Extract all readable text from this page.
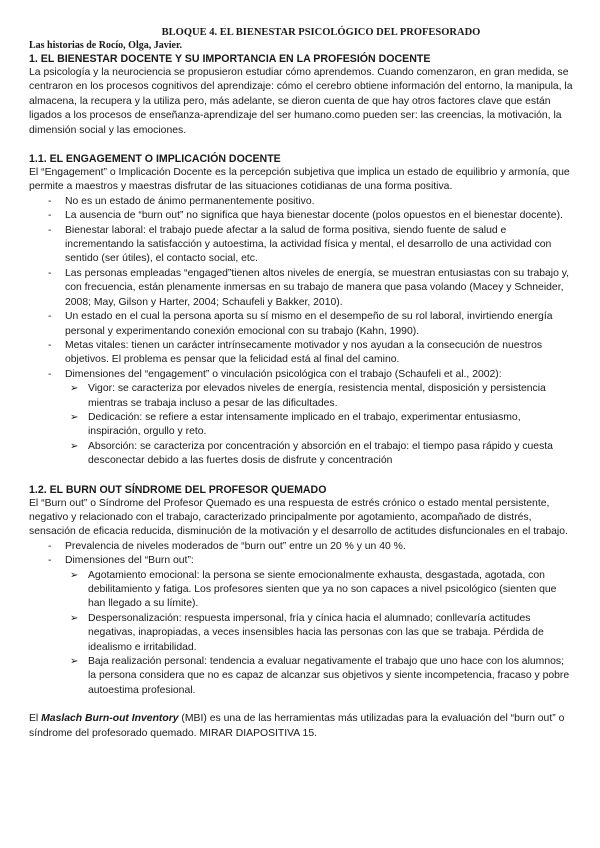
BLOQUE 4. EL BIENESTAR PSICOLÓGICO DEL PROFESORADO
Las historias de Rocío, Olga, Javier.
1. EL BIENESTAR DOCENTE Y SU IMPORTANCIA EN LA PROFESIÓN DOCENTE

La psicología y la neurociencia se propusieron estudiar cómo aprendemos. Cuando comenzaron, en gran medida, se centraron en los procesos cognitivos del aprendizaje: cómo el cerebro obtiene información del entorno, la manipula, la almacena, la recupera y la utiliza pero, más adelante, se dieron cuenta de que hay otros factores clave que están ligados a los procesos de enseñanza-aprendizaje del ser humano.como pueden ser: las creencias, la motivación, la dimensión social y las emociones.

1.1. EL ENGAGEMENT O IMPLICACIÓN DOCENTE

El “Engagement” o Implicación Docente es la percepción subjetiva que implica un estado de equilibrio y armonía, que permite a maestros y maestras disfrutar de las situaciones cotidianas de una forma positiva.

- No es un estado de ánimo permanentemente positivo.
- La ausencia de “burn out” no significa que haya bienestar docente (polos opuestos en el bienestar docente).
- Bienestar laboral: el trabajo puede afectar a la salud de forma positiva, siendo fuente de salud e incrementando la satisfacción y autoestima, la actividad física y mental, el desarrollo de una actividad con sentido (ser útiles), el contacto social, etc.
- Las personas empleadas “engaged”tienen altos niveles de energía, se muestran entusiastas con su trabajo y, con frecuencia, están plenamente inmersas en su trabajo de manera que pasa volando (Macey y Schneider, 2008; May, Gilson y Harter, 2004; Schaufeli y Bakker, 2010).
- Un estado en el cual la persona aporta su sí mismo en el desempeño de su rol laboral, invirtiendo energía personal y experimentando conexión emocional con su trabajo (Kahn, 1990).
- Metas vitales: tienen un carácter intrínsecamente motivador y nos ayudan a la consecución de nuestros objetivos. El problema es pensar que la felicidad está al final del camino.
- Dimensiones del “engagement” o vinculación psicológica con el trabajo (Schaufeli et al., 2002):
➢ Vigor: se caracteriza por elevados niveles de energía, resistencia mental, disposición y persistencia mientras se trabaja incluso a pesar de las dificultades.
➢ Dedicación: se refiere a estar intensamente implicado en el trabajo, experimentar entusiasmo, inspiración, orgullo y reto.
➢ Absorción: se caracteriza por concentración y absorción en el trabajo: el tiempo pasa rápido y cuesta desconectar debido a las fuertes dosis de disfrute y concentración
1.2. EL BURN OUT SÍNDROME DEL PROFESOR QUEMADO

El “Burn out” o Síndrome del Profesor Quemado es una respuesta de estrés crónico o estado mental persistente, negativo y relacionado con el trabajo, caracterizado principalmente por agotamiento, acompañado de distrés, sensación de eficacia reducida, disminución de la motivación y el desarrollo de actitudes disfuncionales en el trabajo.

- Prevalencia de niveles moderados de “burn out” entre un 20 % y un 40 %.
- Dimensiones del “Burn out”:
➢ Agotamiento emocional: la persona se siente emocionalmente exhausta, desgastada, agotada, con debilitamiento y fatiga. Los profesores sienten que ya no son capaces a nivel psicológico (sienten que han llegado a su límite).
➢ Despersonalización: respuesta impersonal, fría y cínica hacia el alumnado; conllevaría actitudes negativas, inapropiadas, a veces insensibles hacia las personas con las que se trabaja. Pérdida de idealismo e irritabilidad.
➢ Baja realización personal: tendencia a evaluar negativamente el trabajo que uno hace con los alumnos; la persona considera que no es capaz de alcanzar sus objetivos y siente incompetencia, fracaso y pobre autoestima profesional.

El Maslach Burn-out Inventory (MBI) es una de las herramientas más utilizadas para la evaluación del “burn out” o síndrome del profesorado quemado. MIRAR DIAPOSITIVA 15.
